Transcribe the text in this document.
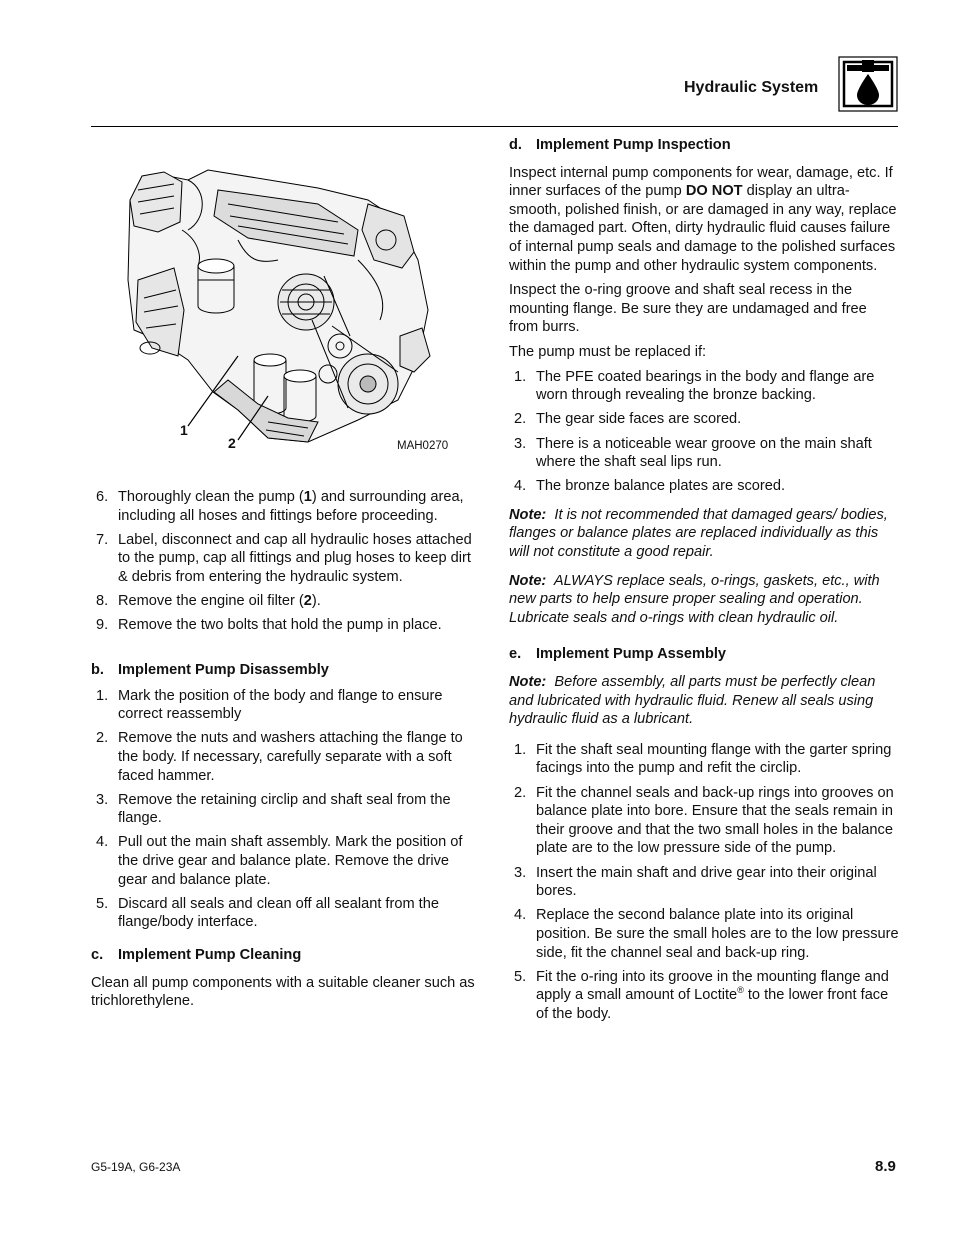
Hydraulic System
1
2	MAH0270
6. Thoroughly clean the pump (1) and surrounding area, including all hoses and fittings before proceeding.
7. Label, disconnect and cap all hydraulic hoses attached to the pump, cap all fittings and plug hoses to keep dirt & debris from entering the hydraulic system.
8. Remove the engine oil filter (2).
9. Remove the two bolts that hold the pump in place.
b. Implement Pump Disassembly
1. Mark the position of the body and flange to ensure correct reassembly
2. Remove the nuts and washers attaching the flange to the body. If necessary, carefully separate with a soft faced hammer.
3. Remove the retaining circlip and shaft seal from the flange.
4. Pull out the main shaft assembly. Mark the position of the drive gear and balance plate. Remove the drive gear and balance plate.
5. Discard all seals and clean off all sealant from the flange/body interface.
c. Implement Pump Cleaning

Clean all pump components with a suitable cleaner such as trichlorethylene.

d. Implement Pump Inspection

Inspect internal pump components for wear, damage, etc. If inner surfaces of the pump DO NOT display an ultra-smooth, polished finish, or are damaged in any way, replace the damaged part. Often, dirty hydraulic fluid causes failure of internal pump seals and damage to the polished surfaces within the pump and other hydraulic system components.

Inspect the o-ring groove and shaft seal recess in the mounting flange. Be sure they are undamaged and free from burrs.

The pump must be replaced if:

1. The PFE coated bearings in the body and flange are worn through revealing the bronze backing.
2. The gear side faces are scored.
3. There is a noticeable wear groove on the main shaft where the shaft seal lips run.
4. The bronze balance plates are scored.

Note: It is not recommended that damaged gears/ bodies, flanges or balance plates are replaced individually as this will not constitute a good repair.

Note: ALWAYS replace seals, o-rings, gaskets, etc., with new parts to help ensure proper sealing and operation. Lubricate seals and o-rings with clean hydraulic oil.

e. Implement Pump Assembly

Note: Before assembly, all parts must be perfectly clean and lubricated with hydraulic fluid. Renew all seals using hydraulic fluid as a lubricant.

1. Fit the shaft seal mounting flange with the garter spring facings into the pump and refit the circlip.
2. Fit the channel seals and back-up rings into grooves on balance plate into bore. Ensure that the seals remain in their groove and that the two small holes in the balance plate are to the low pressure side of the pump.
3. Insert the main shaft and drive gear into their original bores.
4. Replace the second balance plate into its original position. Be sure the small holes are to the low pressure side, fit the channel seal and back-up ring.
5. Fit the o-ring into its groove in the mounting flange and apply a small amount of Loctite® to the lower front face of the body.
G5-19A, G6-23A	8.9
